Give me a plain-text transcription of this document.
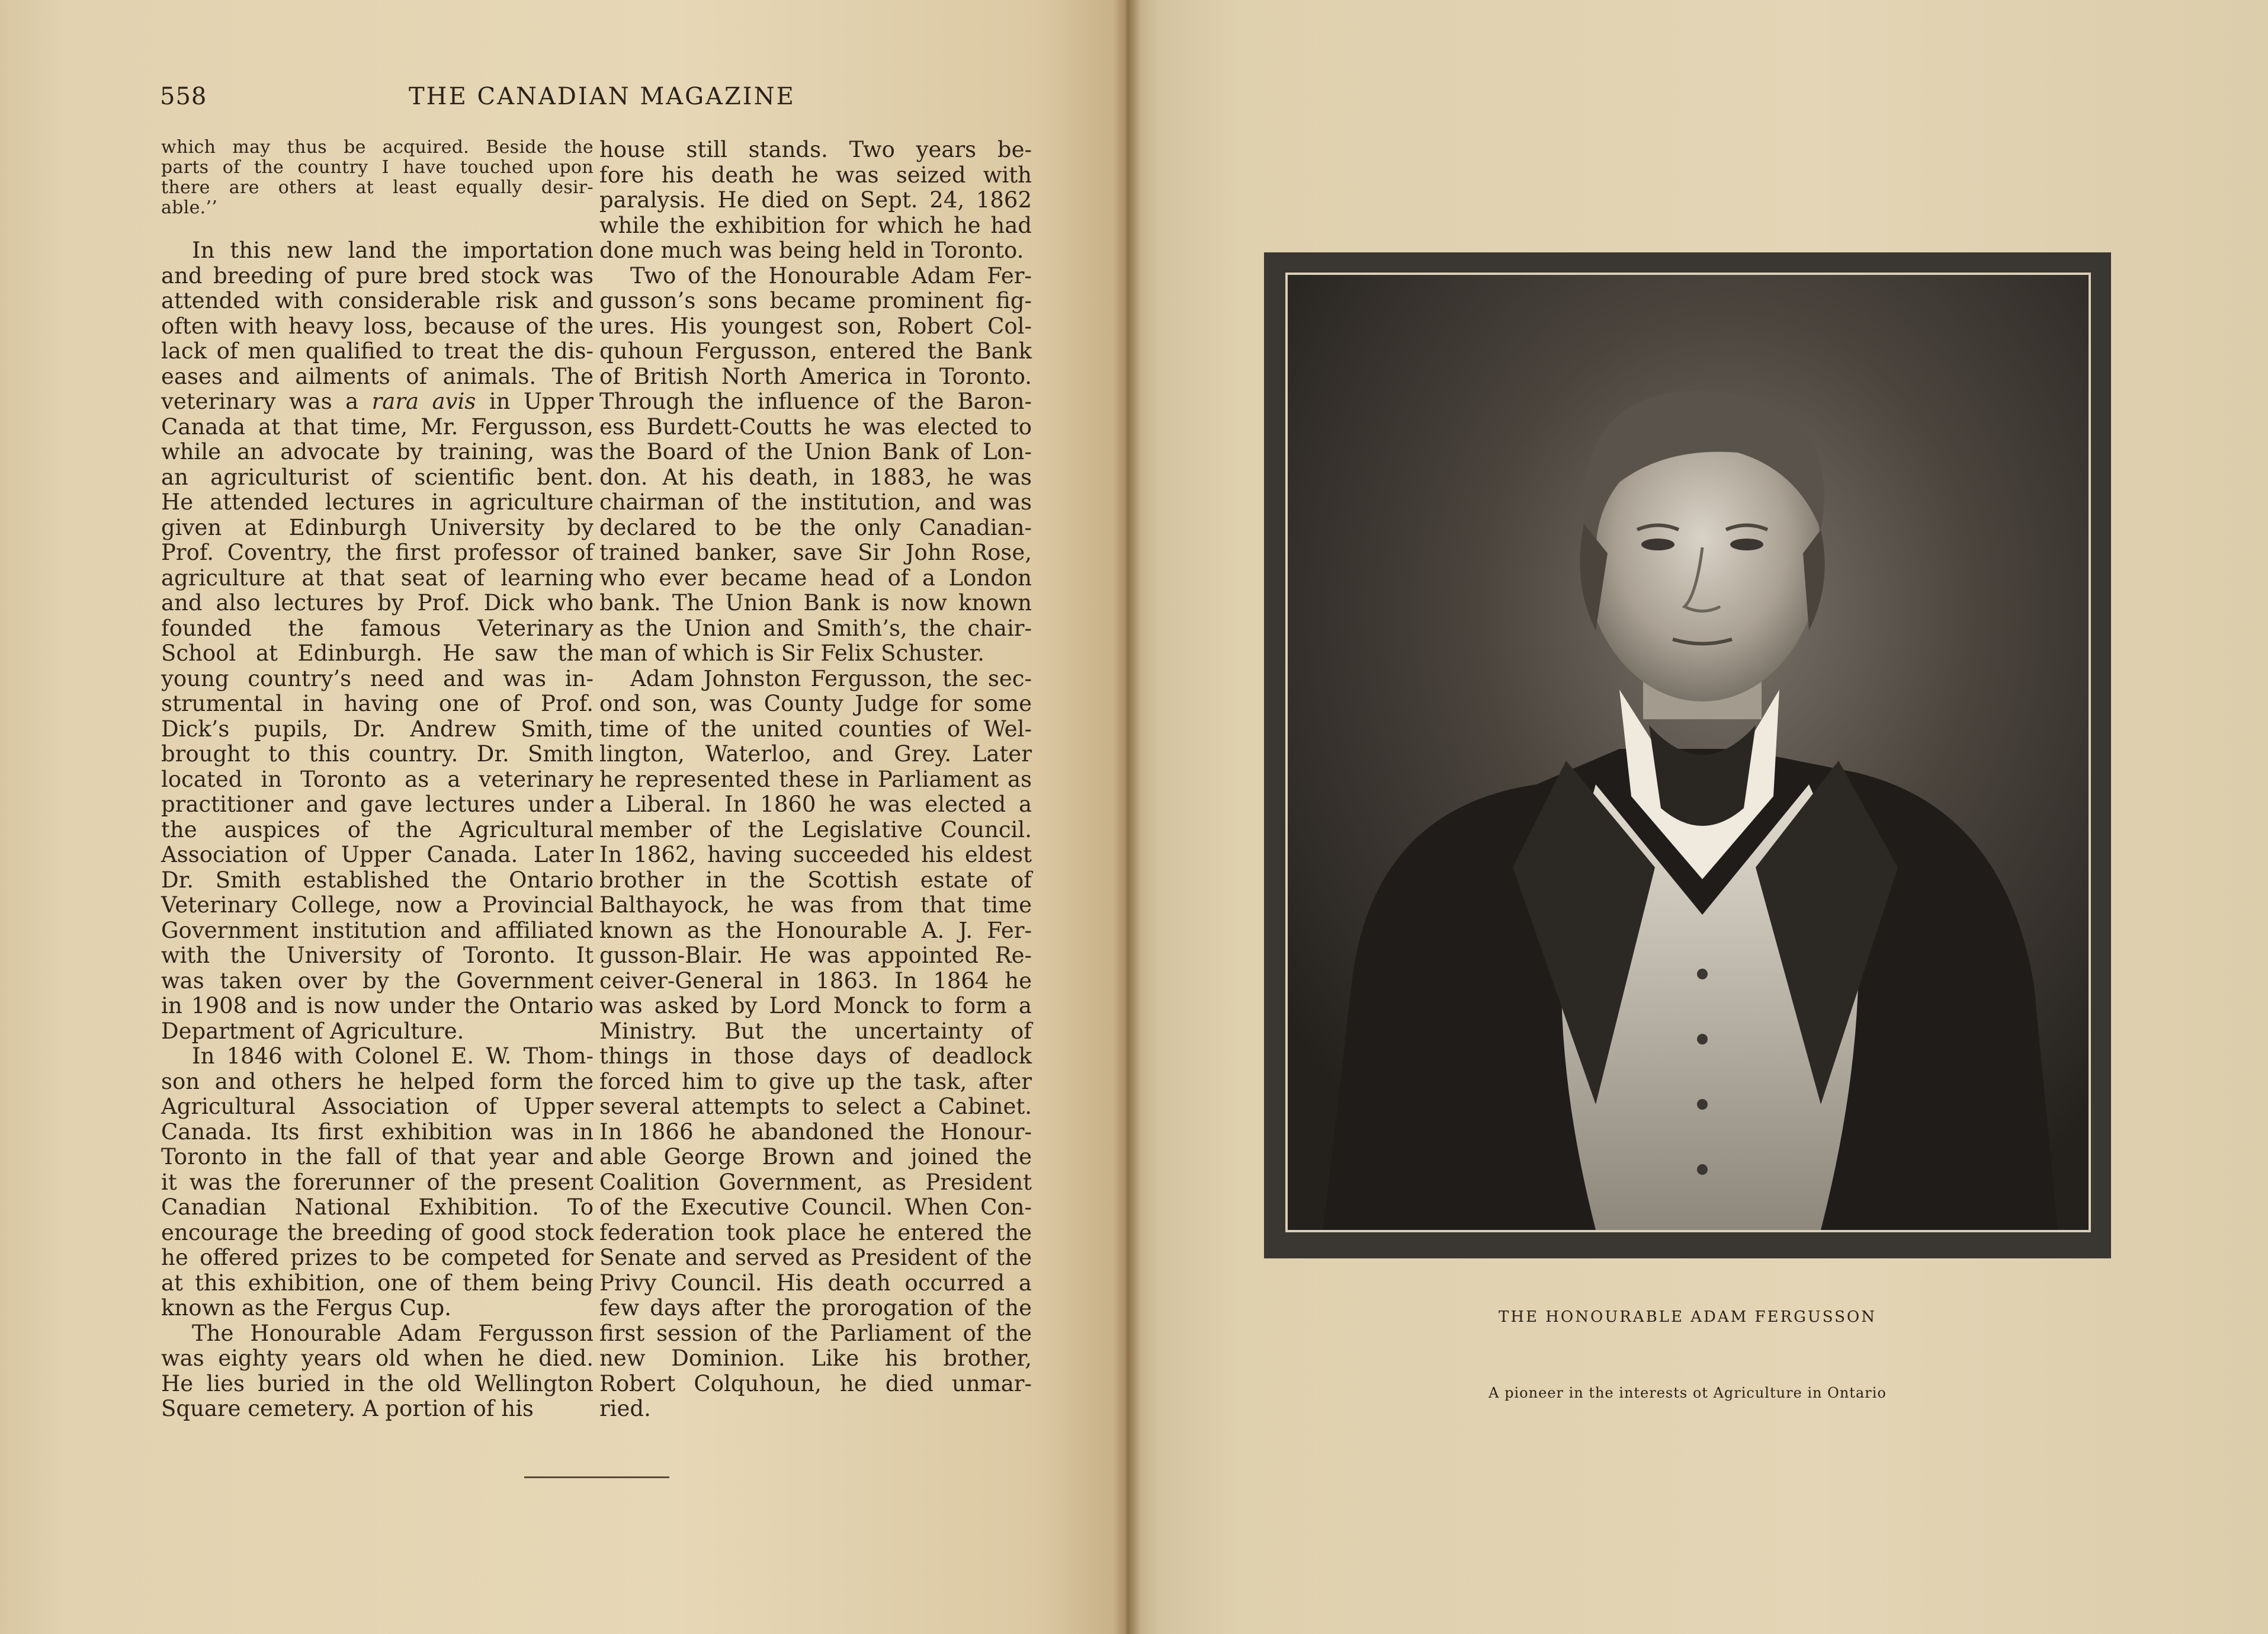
558	THE CANADIAN MAGAZINE
which may thus be acquired. Beside the
parts of the country I have touched upon
there are others at least equally desir-
able.’’
In this new land the importation
and breeding of pure bred stock was
attended with considerable risk and
often with heavy loss, because of the
lack of men qualified to treat the dis-
eases and ailments of animals. The
veterinary was a rara avis in Upper
Canada at that time, Mr. Fergusson,
while an advocate by training, was
an agriculturist of scientific bent.
He attended lectures in agriculture
given at Edinburgh University by
Prof. Coventry, the first professor of
agriculture at that seat of learning
and also lectures by Prof. Dick who
founded the famous Veterinary
School at Edinburgh. He saw the
young country’s need and was in-
strumental in having one of Prof.
Dick’s pupils, Dr. Andrew Smith,
brought to this country. Dr. Smith
located in Toronto as a veterinary
practitioner and gave lectures under
the auspices of the Agricultural
Association of Upper Canada. Later
Dr. Smith established the Ontario
Veterinary College, now a Provincial
Government institution and affiliated
with the University of Toronto. It
was taken over by the Government
in 1908 and is now under the Ontario
Department of Agriculture.
In 1846 with Colonel E. W. Thom-
son and others he helped form the
Agricultural Association of Upper
Canada. Its first exhibition was in
Toronto in the fall of that year and
it was the forerunner of the present
Canadian National Exhibition. To
encourage the breeding of good stock
he offered prizes to be competed for
at this exhibition, one of them being
known as the Fergus Cup.
The Honourable Adam Fergusson
was eighty years old when he died.
He lies buried in the old Wellington
Square cemetery. A portion of his
house still stands. Two years be-
fore his death he was seized with
paralysis. He died on Sept. 24, 1862
while the exhibition for which he had
done much was being held in Toronto.
Two of the Honourable Adam Fer-
gusson’s sons became prominent fig-
ures. His youngest son, Robert Col-
quhoun Fergusson, entered the Bank
of British North America in Toronto.
Through the influence of the Baron-
ess Burdett-Coutts he was elected to
the Board of the Union Bank of Lon-
don. At his death, in 1883, he was
chairman of the institution, and was
declared to be the only Canadian-
trained banker, save Sir John Rose,
who ever became head of a London
bank. The Union Bank is now known
as the Union and Smith’s, the chair-
man of which is Sir Felix Schuster.
Adam Johnston Fergusson, the sec-
ond son, was County Judge for some
time of the united counties of Wel-
lington, Waterloo, and Grey. Later
he represented these in Parliament as
a Liberal. In 1860 he was elected a
member of the Legislative Council.
In 1862, having succeeded his eldest
brother in the Scottish estate of
Balthayock, he was from that time
known as the Honourable A. J. Fer-
gusson-Blair. He was appointed Re-
ceiver-General in 1863. In 1864 he
was asked by Lord Monck to form a
Ministry. But the uncertainty of
things in those days of deadlock
forced him to give up the task, after
several attempts to select a Cabinet.
In 1866 he abandoned the Honour-
able George Brown and joined the
Coalition Government, as President
of the Executive Council. When Con-
federation took place he entered the
Senate and served as President of the
Privy Council. His death occurred a
few days after the prorogation of the
first session of the Parliament of the
new Dominion. Like his brother,
Robert Colquhoun, he died unmar-
ried.
THE HONOURABLE ADAM FERGUSSON
A pioneer in the interests ot Agriculture in Ontario
